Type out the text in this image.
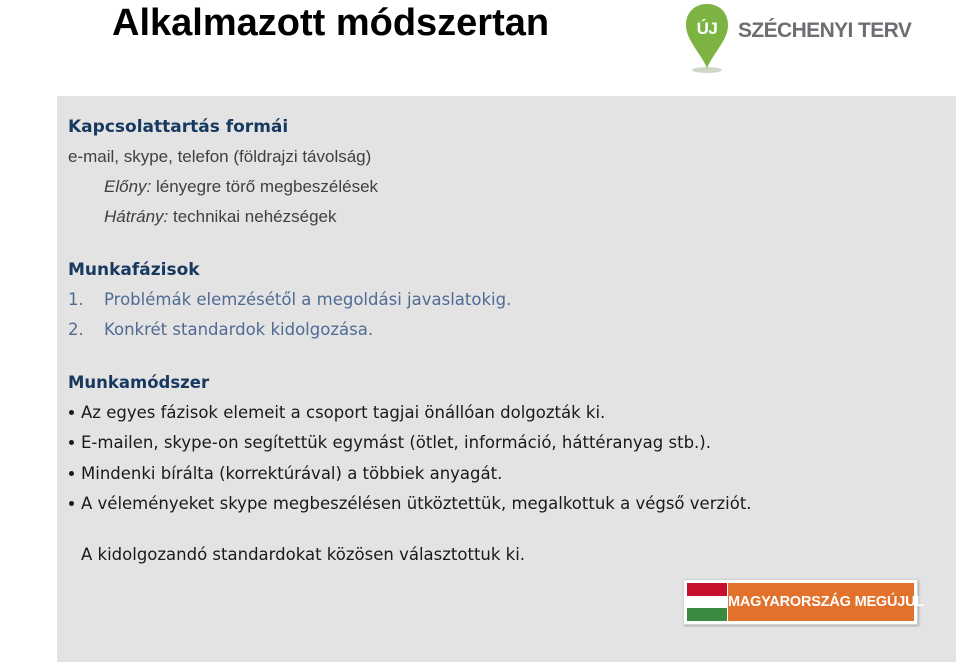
Alkalmazott módszertan	ÚJ SZÉCHENYI TERV
Kapcsolattartás formái
e-mail, skype, telefon (földrajzi távolság)
Előny: lényegre törő megbeszélések
Hátrány: technikai nehézségek
Munkafázisok
1. Problémák elemzésétől a megoldási javaslatokig.
2. Konkrét standardok kidolgozása.
Munkamódszer
Az egyes fázisok elemeit a csoport tagjai önállóan dolgozták ki.
E-mailen, skype-on segítettük egymást (ötlet, információ, háttéranyag stb.).
Mindenki bírálta (korrektúrával) a többiek anyagát.
A véleményeket skype megbeszélésen ütköztettük, megalkottuk a végső verziót.
A kidolgozandó standardokat közösen választottuk ki.
MAGYARORSZÁG MEGÚJUL
